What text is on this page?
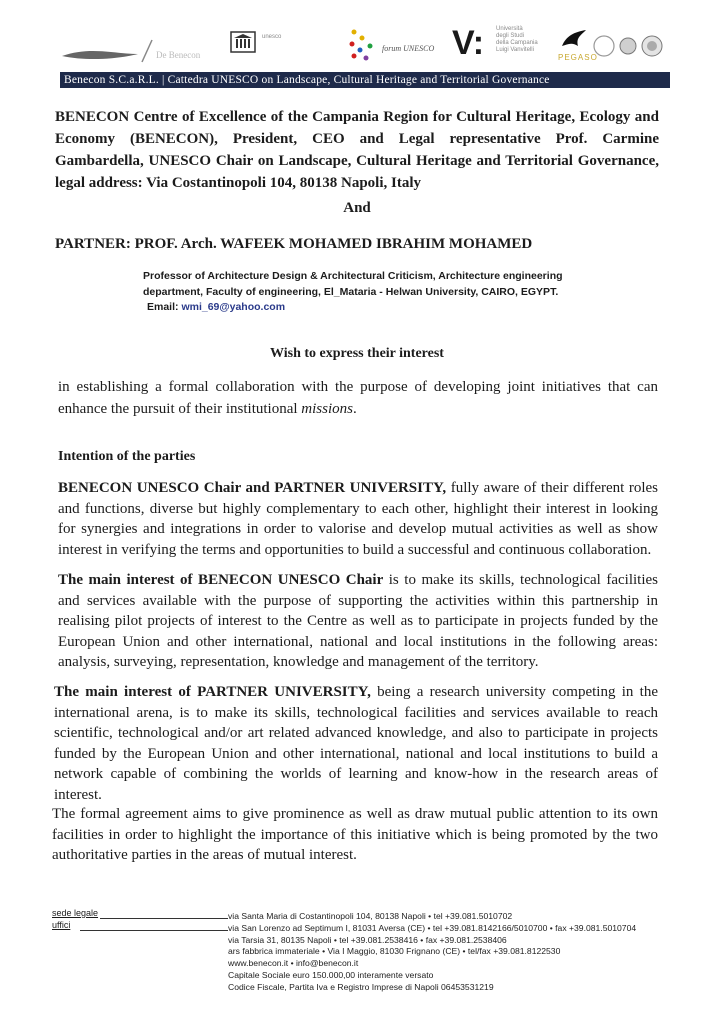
De Benecon
unesco
forum UNESCO V: Università
degli Studi
della Campania
Luigi Vanvitelli
PEGASO
Benecon S.C.a.R.L. | Cattedra UNESCO on Landscape, Cultural Heritage and Territorial Governance

BENECON Centre of Excellence of the Campania Region for Cultural Heritage, Ecology and Economy (BENECON), President, CEO and Legal representative Prof. Carmine Gambardella, UNESCO Chair on Landscape, Cultural Heritage and Territorial Governance, legal address: Via Costantinopoli 104, 80138 Napoli, Italy

And

PARTNER: PROF. Arch. WAFEEK MOHAMED IBRAHIM MOHAMED

Professor of Architecture Design & Architectural Criticism, Architecture engineering department, Faculty of engineering, El_Mataria - Helwan University, CAIRO, EGYPT.

Email: wmi_69@yahoo.com

Wish to express their interest

in establishing a formal collaboration with the purpose of developing joint initiatives that can enhance the pursuit of their institutional missions.

Intention of the parties

BENECON UNESCO Chair and PARTNER UNIVERSITY, fully aware of their different roles and functions, diverse but highly complementary to each other, highlight their interest in looking for synergies and integrations in order to valorise and develop mutual activities as well as show interest in verifying the terms and opportunities to build a successful and continuous collaboration.

The main interest of BENECON UNESCO Chair is to make its skills, technological facilities and services available with the purpose of supporting the activities within this partnership in realising pilot projects of interest to the Centre as well as to participate in projects funded by the European Union and other international, national and local institutions in the following areas: analysis, surveying, representation, knowledge and management of the territory.

The main interest of PARTNER UNIVERSITY, being a research university competing in the international arena, is to make its skills, technological facilities and services available to reach scientific, technological and/or art related advanced knowledge, and also to participate in projects funded by the European Union and other international, national and local institutions to build a network capable of combining the worlds of learning and know-how in the research areas of interest.

The formal agreement aims to give prominence as well as draw mutual public attention to its own facilities in order to highlight the importance of this initiative which is being promoted by the two authoritative parties in the areas of mutual interest.

sede legale
uffici
via Santa Maria di Costantinopoli 104, 80138 Napoli • tel +39.081.5010702
via San Lorenzo ad Septimum I, 81031 Aversa (CE) • tel +39.081.8142166/5010700 • fax +39.081.5010704
via Tarsia 31, 80135 Napoli • tel +39.081.2538416 • fax +39.081.2538406
ars fabbrica immateriale • Via I Maggio, 81030 Frignano (CE) • tel/fax +39.081.8122530
www.benecon.it • info@benecon.it
Capitale Sociale euro 150.000,00 interamente versato
Codice Fiscale, Partita Iva e Registro Imprese di Napoli 06453531219
